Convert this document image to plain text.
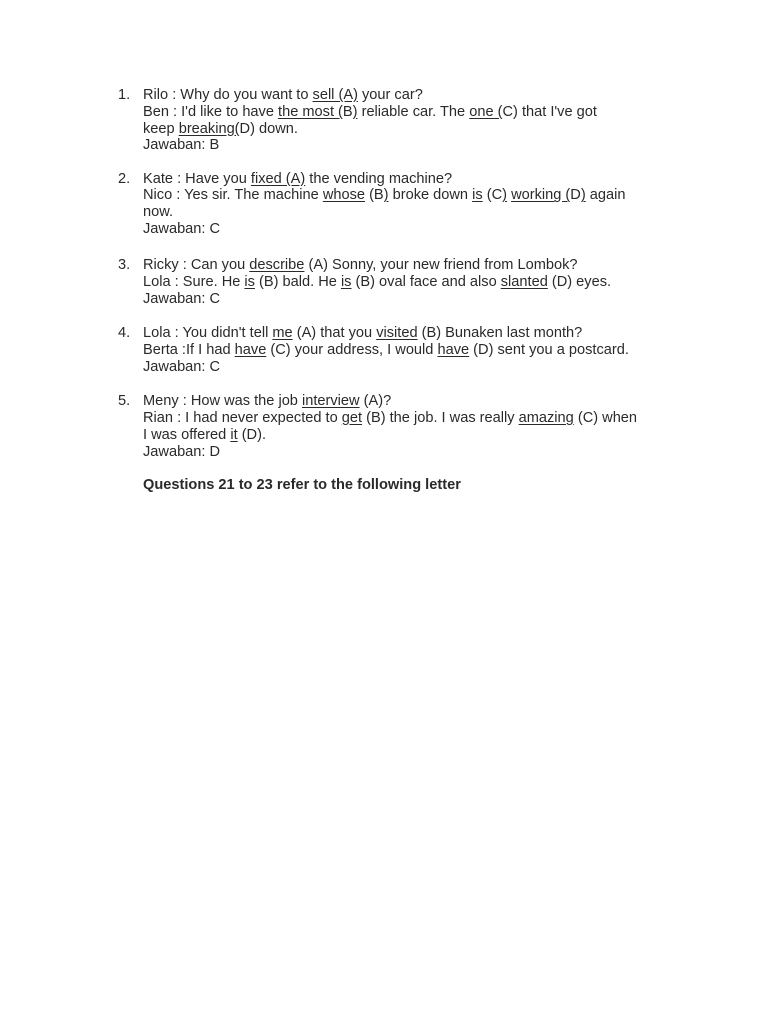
1. Rilo : Why do you want to sell (A) your car?
Ben : I'd like to have the most (B) reliable car. The one (C) that I've got
keep breaking(D) down.
Jawaban: B
2. Kate : Have you fixed (A) the vending machine?
Nico : Yes sir. The machine whose (B) broke down is (C) working (D) again
now.
Jawaban: C
3. Ricky : Can you describe (A) Sonny, your new friend from Lombok?
Lola : Sure. He is (B) bald. He is (B) oval face and also slanted (D) eyes.
Jawaban: C
4. Lola : You didn't tell me (A) that you visited (B) Bunaken last month?
Berta :If I had have (C) your address, I would have (D) sent you a postcard.
Jawaban: C
5. Meny : How was the job interview (A)?
Rian : I had never expected to get (B) the job. I was really amazing (C) when
I was offered it (D).
Jawaban: D
Questions 21 to 23 refer to the following letter
